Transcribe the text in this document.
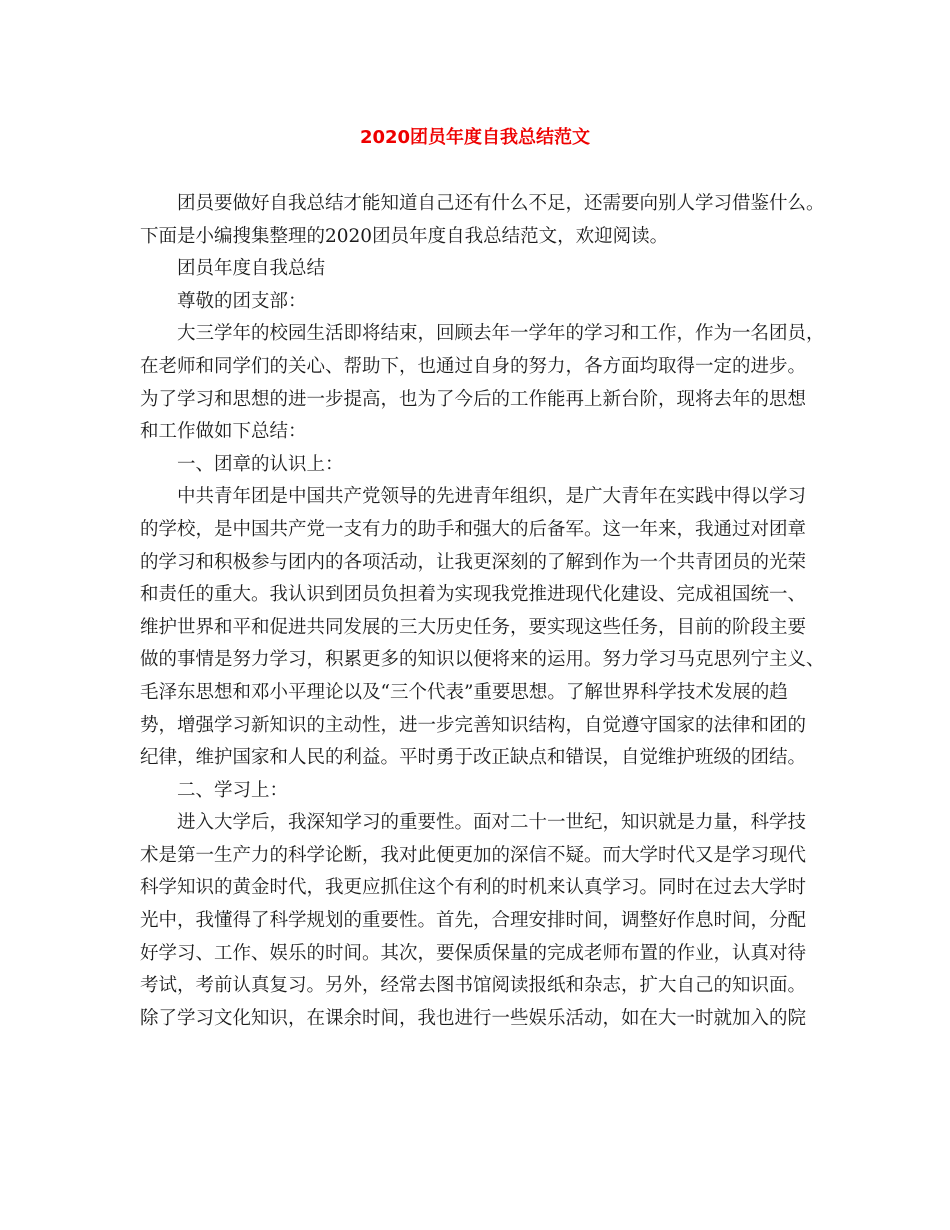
2020团员年度自我总结范文
团员要做好自我总结才能知道自己还有什么不足，还需要向别人学习借鉴什么。
下面是小编搜集整理的2020团员年度自我总结范文，欢迎阅读。
团员年度自我总结
尊敬的团支部：
大三学年的校园生活即将结束，回顾去年一学年的学习和工作，作为一名团员，
在老师和同学们的关心、帮助下，也通过自身的努力，各方面均取得一定的进步。
为了学习和思想的进一步提高，也为了今后的工作能再上新台阶，现将去年的思想
和工作做如下总结：
一、团章的认识上：
中共青年团是中国共产党领导的先进青年组织，是广大青年在实践中得以学习
的学校，是中国共产党一支有力的助手和强大的后备军。这一年来，我通过对团章
的学习和积极参与团内的各项活动，让我更深刻的了解到作为一个共青团员的光荣
和责任的重大。我认识到团员负担着为实现我党推进现代化建设、完成祖国统一、
维护世界和平和促进共同发展的三大历史任务，要实现这些任务，目前的阶段主要
做的事情是努力学习，积累更多的知识以便将来的运用。努力学习马克思列宁主义、
毛泽东思想和邓小平理论以及“三个代表”重要思想。了解世界科学技术发展的趋
势，增强学习新知识的主动性，进一步完善知识结构，自觉遵守国家的法律和团的
纪律，维护国家和人民的利益。平时勇于改正缺点和错误，自觉维护班级的团结。
二、学习上：
进入大学后，我深知学习的重要性。面对二十一世纪，知识就是力量，科学技
术是第一生产力的科学论断，我对此便更加的深信不疑。而大学时代又是学习现代
科学知识的黄金时代，我更应抓住这个有利的时机来认真学习。同时在过去大学时
光中，我懂得了科学规划的重要性。首先，合理安排时间，调整好作息时间，分配
好学习、工作、娱乐的时间。其次，要保质保量的完成老师布置的作业，认真对待
考试，考前认真复习。另外，经常去图书馆阅读报纸和杂志，扩大自己的知识面。
除了学习文化知识，在课余时间，我也进行一些娱乐活动，如在大一时就加入的院
